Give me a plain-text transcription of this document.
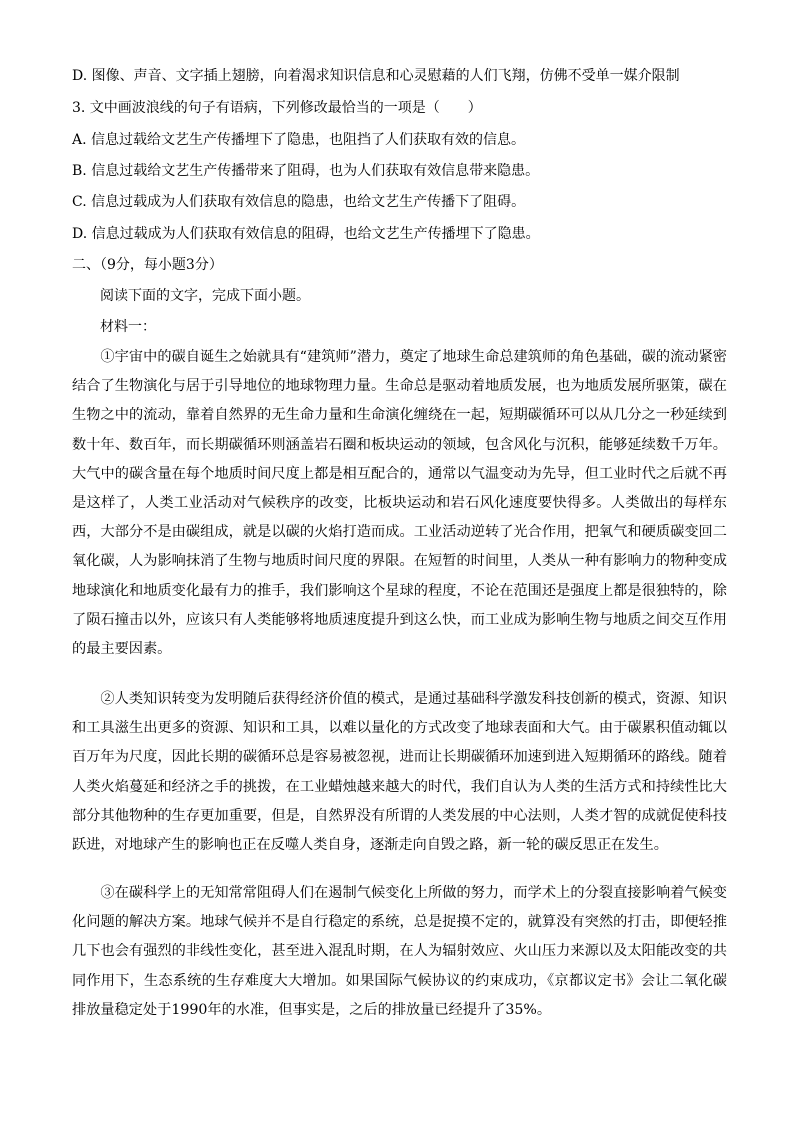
D. 图像、声音、文字插上翅膀，向着渴求知识信息和心灵慰藉的人们飞翔，仿佛不受单一媒介限制
3. 文中画波浪线的句子有语病，下列修改最恰当的一项是（　　）
A. 信息过载给文艺生产传播埋下了隐患，也阻挡了人们获取有效的信息。
B. 信息过载给文艺生产传播带来了阻碍，也为人们获取有效信息带来隐患。
C. 信息过载成为人们获取有效信息的隐患，也给文艺生产传播下了阻碍。
D. 信息过载成为人们获取有效信息的阻碍，也给文艺生产传播埋下了隐患。
二、（9分，每小题3分）
阅读下面的文字，完成下面小题。
材料一：
①宇宙中的碳自诞生之始就具有“建筑师”潜力，奠定了地球生命总建筑师的角色基础，碳的流动紧密结合了生物演化与居于引导地位的地球物理力量。生命总是驱动着地质发展，也为地质发展所驱策，碳在生物之中的流动，靠着自然界的无生命力量和生命演化缠绕在一起，短期碳循环可以从几分之一秒延续到数十年、数百年，而长期碳循环则涵盖岩石圈和板块运动的领域，包含风化与沉积，能够延续数千万年。大气中的碳含量在每个地质时间尺度上都是相互配合的，通常以气温变动为先导，但工业时代之后就不再是这样了，人类工业活动对气候秩序的改变，比板块运动和岩石风化速度要快得多。人类做出的每样东西，大部分不是由碳组成，就是以碳的火焰打造而成。工业活动逆转了光合作用，把氧气和硬质碳变回二氧化碳，人为影响抹消了生物与地质时间尺度的界限。在短暂的时间里，人类从一种有影响力的物种变成地球演化和地质变化最有力的推手，我们影响这个星球的程度，不论在范围还是强度上都是很独特的，除了陨石撞击以外，应该只有人类能够将地质速度提升到这么快，而工业成为影响生物与地质之间交互作用的最主要因素。
②人类知识转变为发明随后获得经济价值的模式，是通过基础科学激发科技创新的模式，资源、知识和工具滋生出更多的资源、知识和工具，以难以量化的方式改变了地球表面和大气。由于碳累积值动辄以百万年为尺度，因此长期的碳循环总是容易被忽视，进而让长期碳循环加速到进入短期循环的路线。随着人类火焰蔓延和经济之手的挑拨，在工业蜡烛越来越大的时代，我们自认为人类的生活方式和持续性比大部分其他物种的生存更加重要，但是，自然界没有所谓的人类发展的中心法则，人类才智的成就促使科技跃进，对地球产生的影响也正在反噬人类自身，逐渐走向自毁之路，新一轮的碳反思正在发生。
③在碳科学上的无知常常阻碍人们在遏制气候变化上所做的努力，而学术上的分裂直接影响着气候变化问题的解决方案。地球气候并不是自行稳定的系统，总是捉摸不定的，就算没有突然的打击，即便轻推几下也会有强烈的非线性变化，甚至进入混乱时期，在人为辐射效应、火山压力来源以及太阳能改变的共同作用下，生态系统的生存难度大大增加。如果国际气候协议的约束成功，《京都议定书》会让二氧化碳排放量稳定处于1990年的水准，但事实是，之后的排放量已经提升了35%。
